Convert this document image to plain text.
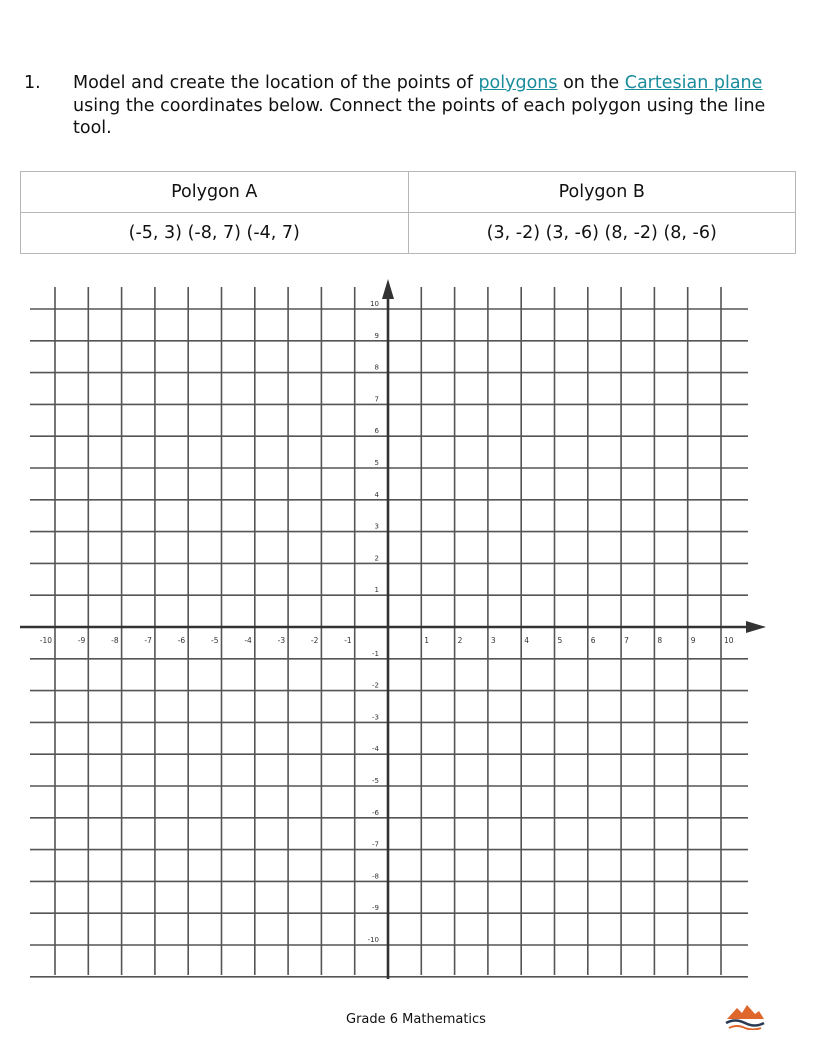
1. Model and create the location of the points of polygons on the Cartesian plane using the coordinates below. Connect the points of each polygon using the line tool.
Polygon A	Polygon B
(-5, 3) (-8, 7) (-4, 7)	(3, -2) (3, -6) (8, -2) (8, -6)
-10	-9	-8	-7	-6	-5	-4	-3	-2	-1	1	2	3	4	5	6	7	8	9	10
10
9
8
7
6
5
4
3
2
1
-1
-2
-3
-4
-5
-6
-7
-8
-9
-10
Grade 6 Mathematics
